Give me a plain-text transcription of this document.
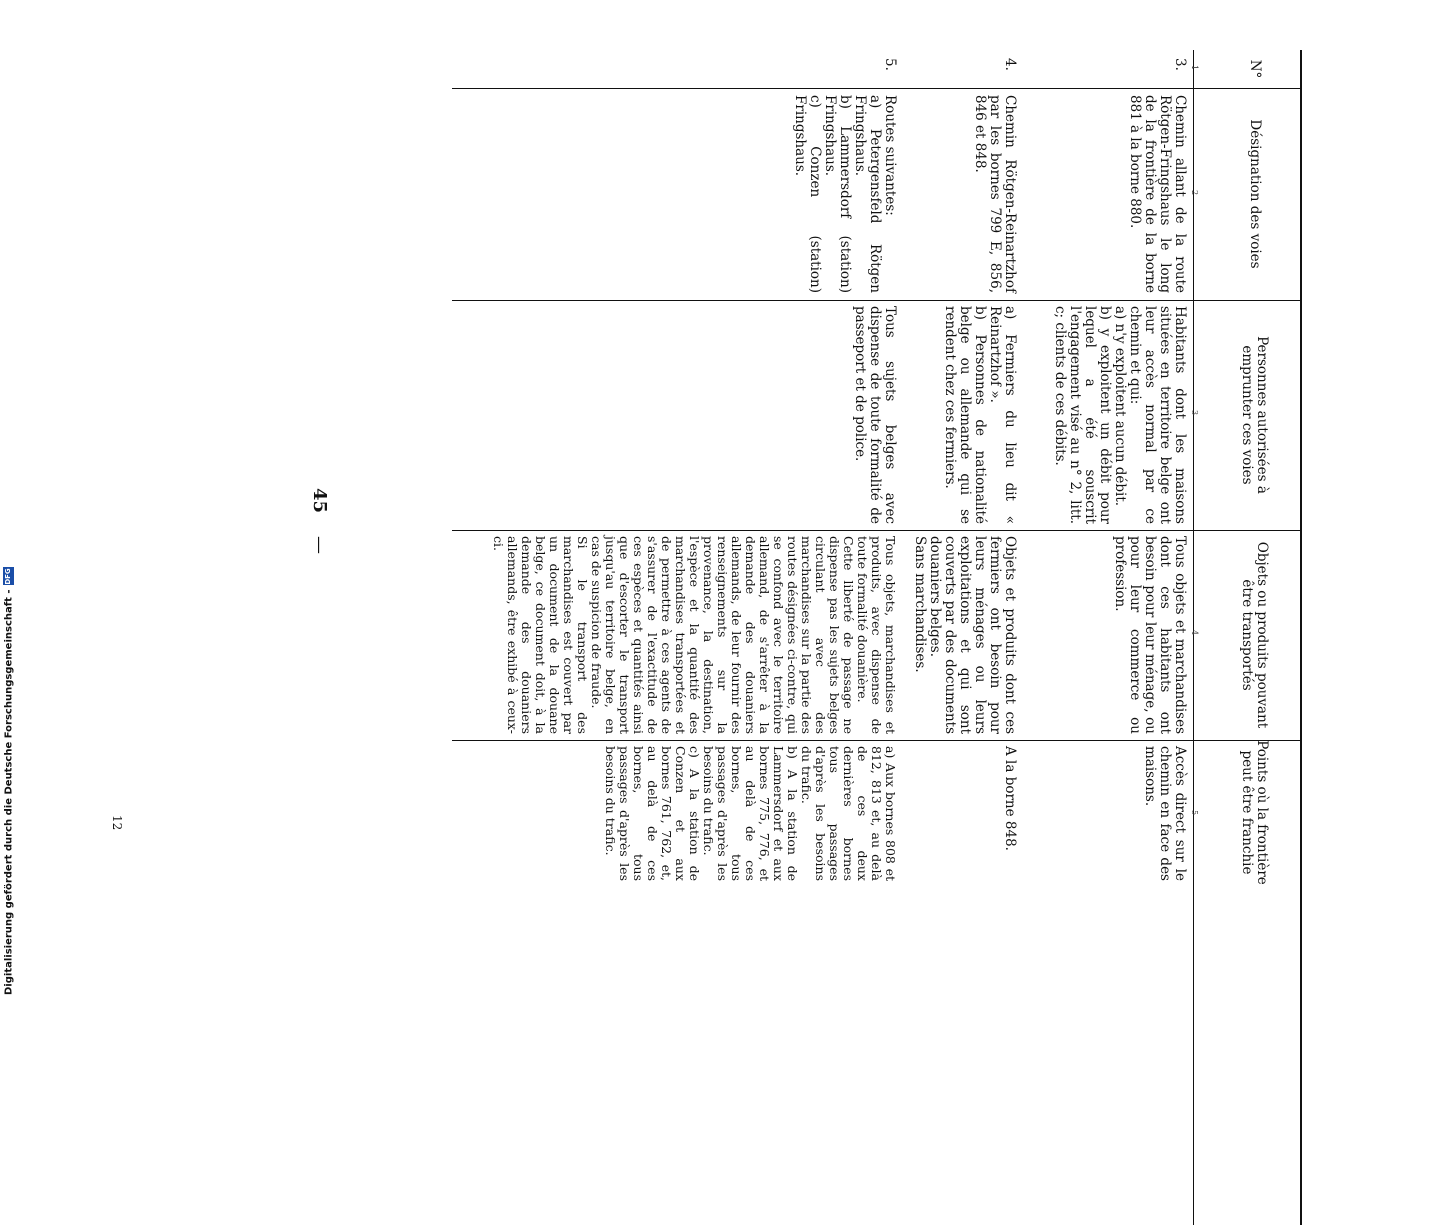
45
—
N°
Désignation des voies
Personnes autorisées à emprunter ces voies
Objets ou produits pouvant être transportés
Points où la frontière peut être franchie
1
2
3
4
5
3.
Chemin allant de la route Rötgen-Fringshaus le long de la frontière de la borne 881 à la borne 880.
Habitants dont les maisons situées en territoire belge ont leur accès normal par ce chemin et qui:
a) n'y exploitent aucun débit.
b) y exploitent un débit pour lequel a été souscrit l'engagement visé au n° 2, litt. c; clients de ces débits.
Tous objets et marchandises dont ces habitants ont besoin pour leur ménage, ou pour leur commerce ou profession.
Accès direct sur le chemin en face des maisons.
4.
Chemin Rötgen-Reinartzhof par les bornes 799 E, 856, 846 et 848.
a) Fermiers du lieu dit « Reinartzhof ».
b) Personnes de nationalité belge ou allemande qui se rendent chez ces fermiers.
Objets et produits dont ces fermiers ont besoin pour leurs ménages ou leurs exploitations et qui sont couverts par des documents douaniers belges.
Sans marchandises.
A la borne 848.
5.
Routes suivantes:
a) Petergensfeld Rötgen Fringshaus.
b) Lammersdorf (station) Fringshaus.
c) Conzen (station) Fringshaus.
Tous sujets belges avec dispense de toute formalité de passeport et de police.
Tous objets, marchandises et produits, avec dispense de toute formalité douanière.
Cette liberté de passage ne dispense pas les sujets belges circulant avec des marchandises sur la partie des routes désignées ci-contre, qui se confond avec le territoire allemand, de s'arrêter à la demande des douaniers allemands, de leur fournir des renseignements sur la provenance, la destination, l'espèce et la quantité des marchandises transportées et de permettre à ces agents de s'assurer de l'exactitude de ces espèces et quantités ainsi que d'escorter le transport jusqu'au territoire belge, en cas de suspicion de fraude.
Si le transport des marchandises est couvert par un document de la douane belge, ce document doit, à la demande des douaniers allemands, être exhibé à ceux-ci.
a) Aux bornes 808 et 812, 813 et, au delà de ces deux dernières bornes tous passages d'après les besoins du trafic.
b) A la station de Lammersdorf et aux bornes 775, 776, et au delà de ces bornes, tous passages d'après les besoins du trafic.
c) A la station de Conzen et aux bornes 761, 762, et, au delà de ces bornes, tous passages d'après les besoins du trafic.
12
Digitalisierung gefördert durch die Deutsche Forschungsgemeinschaft -DFG
